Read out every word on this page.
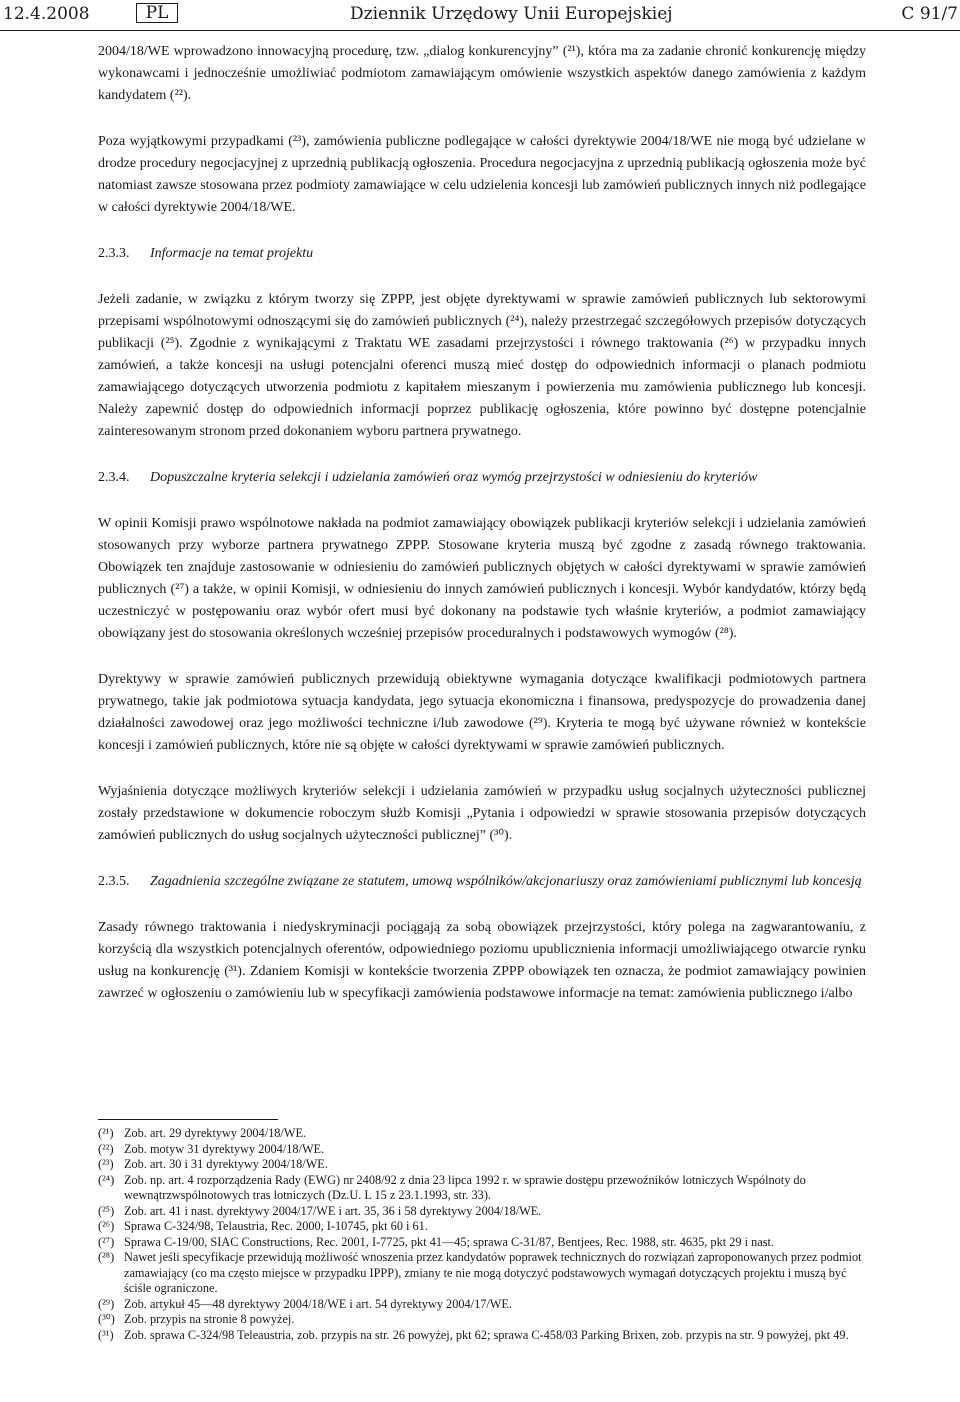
12.4.2008	PL	Dziennik Urzędowy Unii Europejskiej	C 91/7

2004/18/WE wprowadzono innowacyjną procedurę, tzw. „dialog konkurencyjny” (²¹), która ma za zadanie chronić konkurencję między wykonawcami i jednocześnie umożliwiać podmiotom zamawiającym omówienie wszystkich aspektów danego zamówienia z każdym kandydatem (²²).

Poza wyjątkowymi przypadkami (²³), zamówienia publiczne podlegające w całości dyrektywie 2004/18/WE nie mogą być udzielane w drodze procedury negocjacyjnej z uprzednią publikacją ogłoszenia. Procedura negocjacyjna z uprzednią publikacją ogłoszenia może być natomiast zawsze stosowana przez podmioty zamawiające w celu udzielenia koncesji lub zamówień publicznych innych niż podlegające w całości dyrektywie 2004/18/WE.

2.3.3.	Informacje na temat projektu

Jeżeli zadanie, w związku z którym tworzy się ZPPP, jest objęte dyrektywami w sprawie zamówień publicznych lub sektorowymi przepisami wspólnotowymi odnoszącymi się do zamówień publicznych (²⁴), należy przestrzegać szczegółowych przepisów dotyczących publikacji (²⁵). Zgodnie z wynikającymi z Traktatu WE zasadami przejrzystości i równego traktowania (²⁶) w przypadku innych zamówień, a także koncesji na usługi potencjalni oferenci muszą mieć dostęp do odpowiednich informacji o planach podmiotu zamawiającego dotyczących utworzenia podmiotu z kapitałem mieszanym i powierzenia mu zamówienia publicznego lub koncesji. Należy zapewnić dostęp do odpowiednich informacji poprzez publikację ogłoszenia, które powinno być dostępne potencjalnie zainteresowanym stronom przed dokonaniem wyboru partnera prywatnego.

2.3.4.	Dopuszczalne kryteria selekcji i udzielania zamówień oraz wymóg przejrzystości w odniesieniu do kryteriów

W opinii Komisji prawo wspólnotowe nakłada na podmiot zamawiający obowiązek publikacji kryteriów selekcji i udzielania zamówień stosowanych przy wyborze partnera prywatnego ZPPP. Stosowane kryteria muszą być zgodne z zasadą równego traktowania. Obowiązek ten znajduje zastosowanie w odniesieniu do zamówień publicznych objętych w całości dyrektywami w sprawie zamówień publicznych (²⁷) a także, w opinii Komisji, w odniesieniu do innych zamówień publicznych i koncesji. Wybór kandydatów, którzy będą uczestniczyć w postępowaniu oraz wybór ofert musi być dokonany na podstawie tych właśnie kryteriów, a podmiot zamawiający obowiązany jest do stosowania określonych wcześniej przepisów proceduralnych i podstawowych wymogów (²⁸).

Dyrektywy w sprawie zamówień publicznych przewidują obiektywne wymagania dotyczące kwalifikacji podmiotowych partnera prywatnego, takie jak podmiotowa sytuacja kandydata, jego sytuacja ekonomiczna i finansowa, predyspozycje do prowadzenia danej działalności zawodowej oraz jego możliwości techniczne i/lub zawodowe (²⁹). Kryteria te mogą być używane również w kontekście koncesji i zamówień publicznych, które nie są objęte w całości dyrektywami w sprawie zamówień publicznych.

Wyjaśnienia dotyczące możliwych kryteriów selekcji i udzielania zamówień w przypadku usług socjalnych użyteczności publicznej zostały przedstawione w dokumencie roboczym służb Komisji „Pytania i odpowiedzi w sprawie stosowania przepisów dotyczących zamówień publicznych do usług socjalnych użyteczności publicznej” (³⁰).

2.3.5.	Zagadnienia szczególne związane ze statutem, umową wspólników/akcjonariuszy oraz zamówieniami publicznymi lub koncesją

Zasady równego traktowania i niedyskryminacji pociągają za sobą obowiązek przejrzystości, który polega na zagwarantowaniu, z korzyścią dla wszystkich potencjalnych oferentów, odpowiedniego poziomu upublicznienia informacji umożliwiającego otwarcie rynku usług na konkurencję (³¹). Zdaniem Komisji w kontekście tworzenia ZPPP obowiązek ten oznacza, że podmiot zamawiający powinien zawrzeć w ogłoszeniu o zamówieniu lub w specyfikacji zamówienia podstawowe informacje na temat: zamówienia publicznego i/albo

(²¹) Zob. art. 29 dyrektywy 2004/18/WE.
(²²) Zob. motyw 31 dyrektywy 2004/18/WE.
(²³) Zob. art. 30 i 31 dyrektywy 2004/18/WE.
(²⁴) Zob. np. art. 4 rozporządzenia Rady (EWG) nr 2408/92 z dnia 23 lipca 1992 r. w sprawie dostępu przewoźników lotniczych Wspólnoty do wewnątrzwspólnotowych tras lotniczych (Dz.U. L 15 z 23.1.1993, str. 33).
(²⁵) Zob. art. 41 i nast. dyrektywy 2004/17/WE i art. 35, 36 i 58 dyrektywy 2004/18/WE.
(²⁶) Sprawa C-324/98, Telaustria, Rec. 2000, I-10745, pkt 60 i 61.
(²⁷) Sprawa C-19/00, SIAC Constructions, Rec. 2001, I-7725, pkt 41—45; sprawa C-31/87, Bentjees, Rec. 1988, str. 4635, pkt 29 i nast.
(²⁸) Nawet jeśli specyfikacje przewidują możliwość wnoszenia przez kandydatów poprawek technicznych do rozwiązań zaproponowanych przez podmiot zamawiający (co ma często miejsce w przypadku IPPP), zmiany te nie mogą dotyczyć podstawowych wymagań dotyczących projektu i muszą być ściśle ograniczone.
(²⁹) Zob. artykuł 45—48 dyrektywy 2004/18/WE i art. 54 dyrektywy 2004/17/WE.
(³⁰) Zob. przypis na stronie 8 powyżej.
(³¹) Zob. sprawa C-324/98 Teleaustria, zob. przypis na str. 26 powyżej, pkt 62; sprawa C-458/03 Parking Brixen, zob. przypis na str. 9 powyżej, pkt 49.
